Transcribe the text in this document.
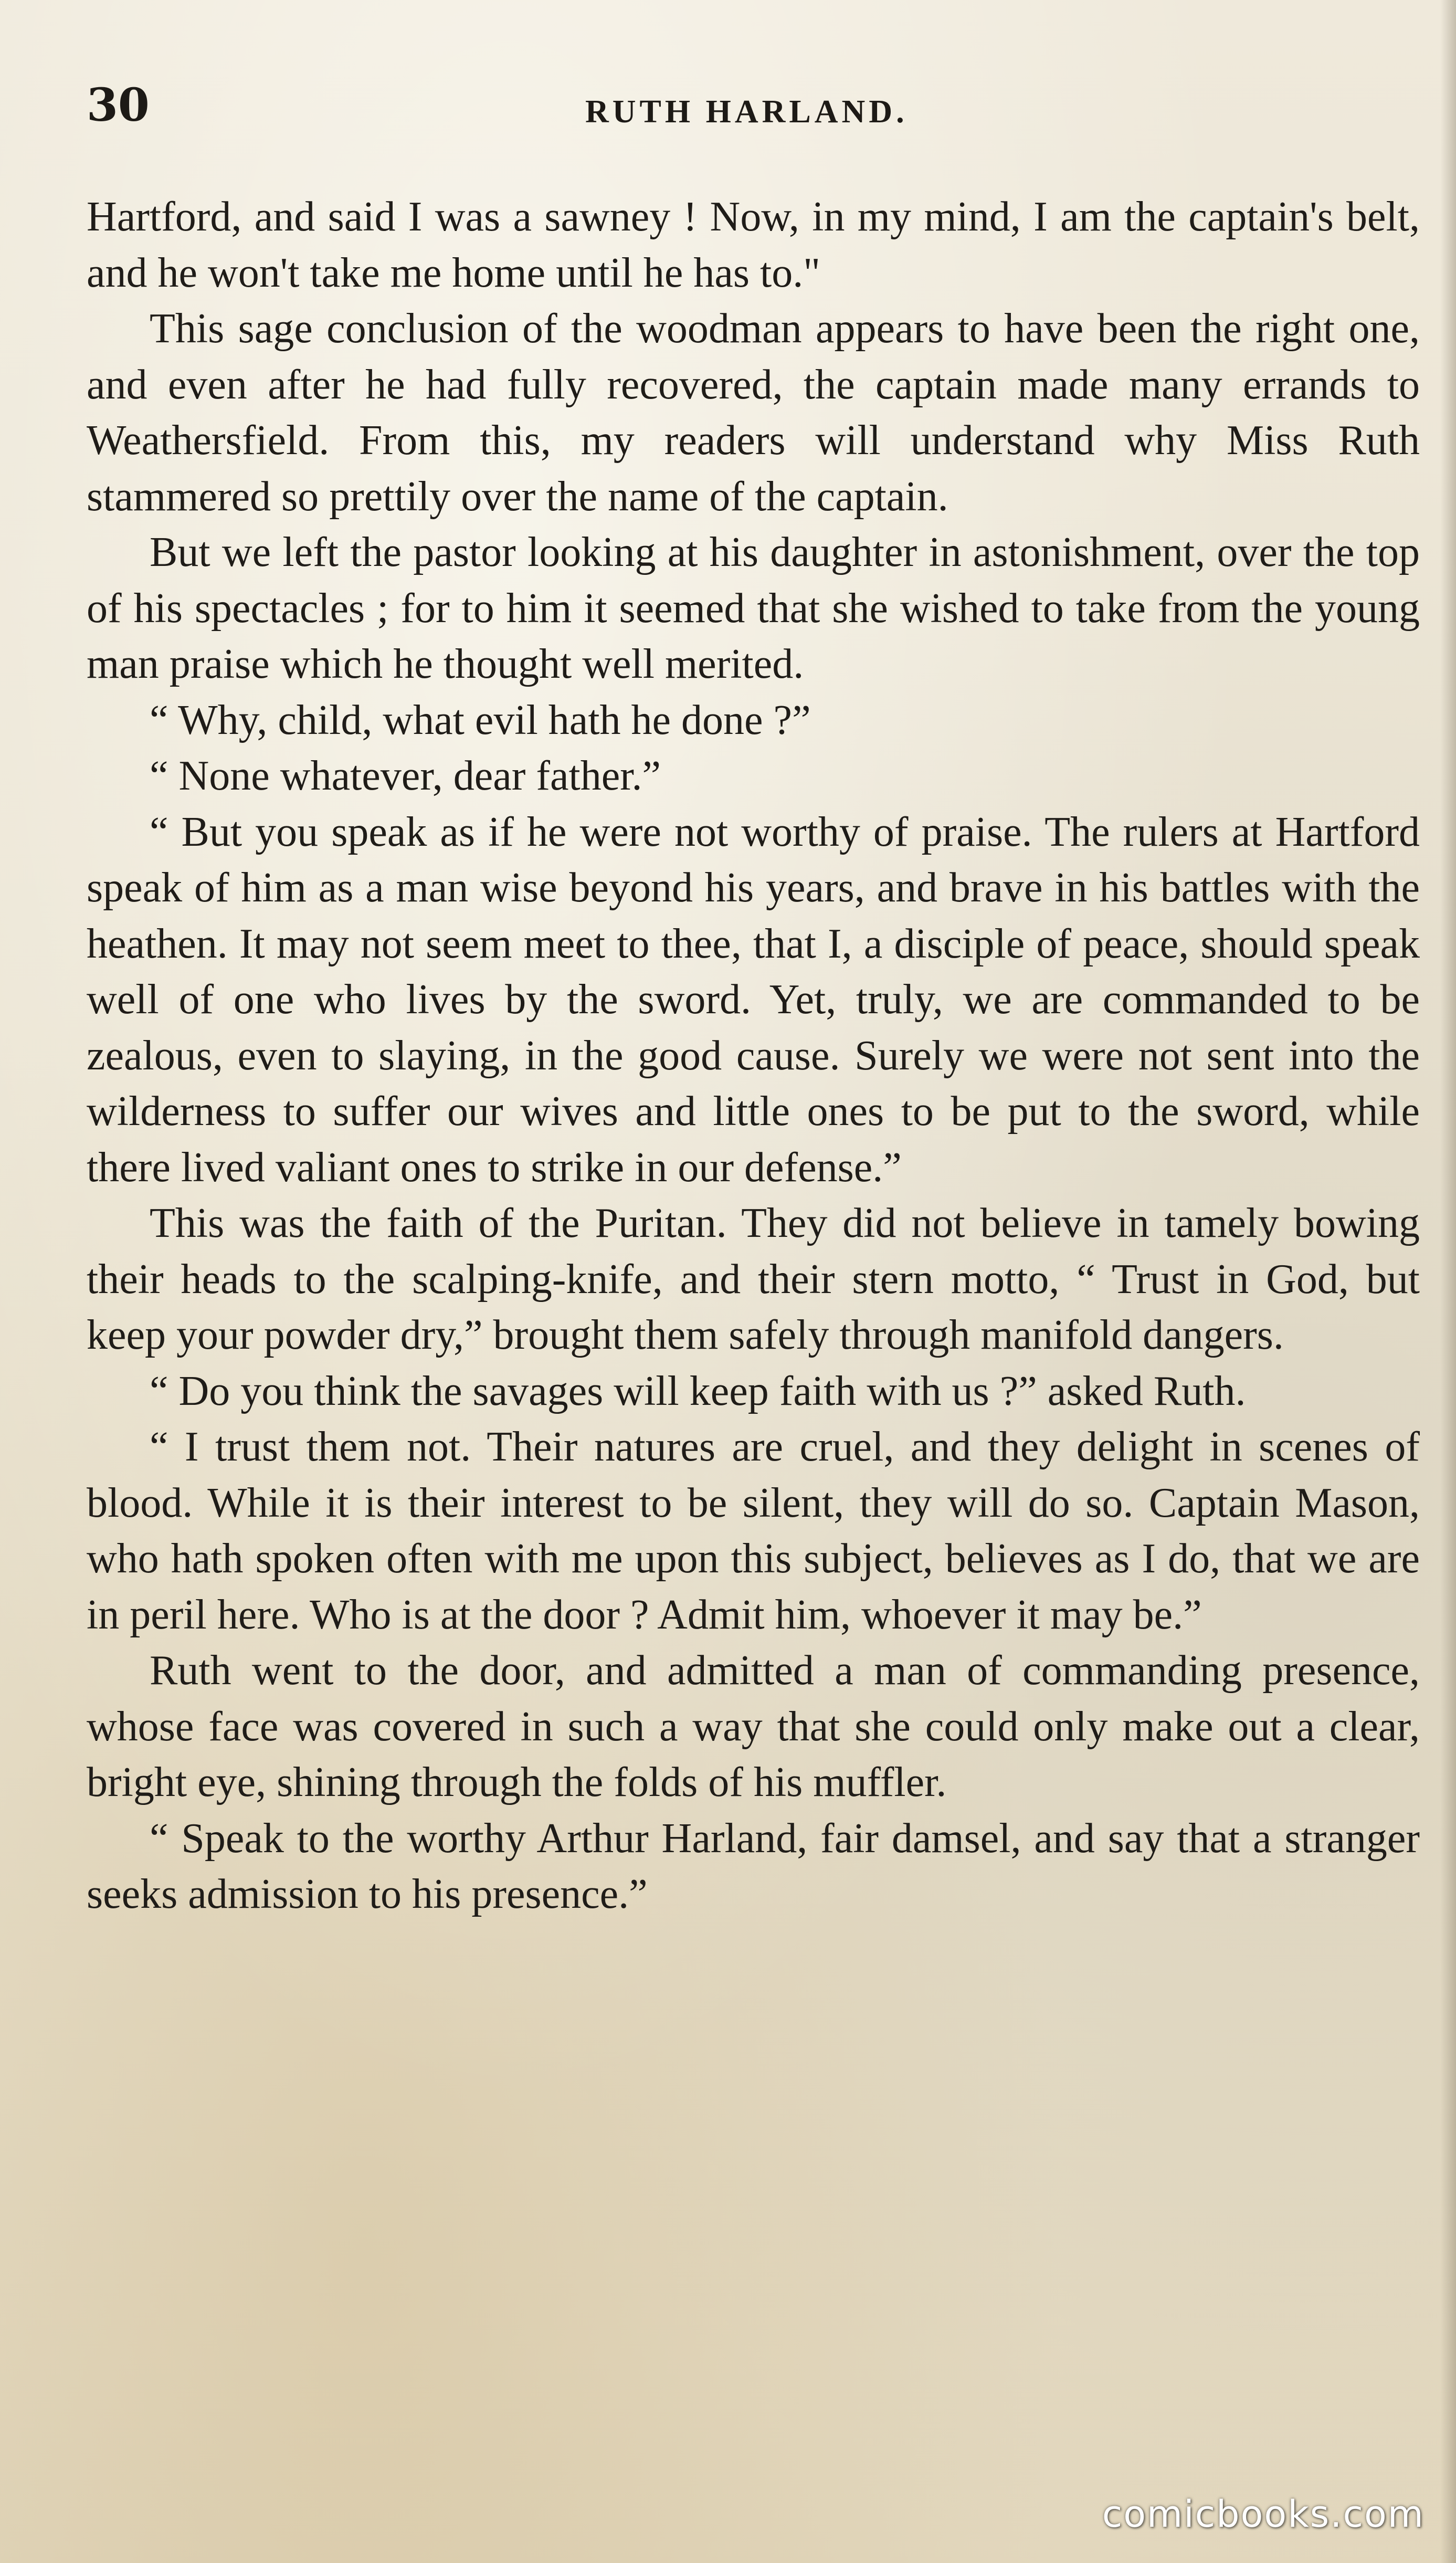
30	RUTH HARLAND.

Hartford, and said I was a sawney ! Now, in my mind, I am the captain's belt, and he won't take me home until he has to."

This sage conclusion of the woodman appears to have been the right one, and even after he had fully recovered, the captain made many errands to Weathersfield. From this, my readers will understand why Miss Ruth stammered so prettily over the name of the captain.

But we left the pastor looking at his daughter in astonishment, over the top of his spectacles ; for to him it seemed that she wished to take from the young man praise which he thought well merited.

“ Why, child, what evil hath he done ?”

“ None whatever, dear father.”

“ But you speak as if he were not worthy of praise. The rulers at Hartford speak of him as a man wise beyond his years, and brave in his battles with the heathen. It may not seem meet to thee, that I, a disciple of peace, should speak well of one who lives by the sword. Yet, truly, we are commanded to be zealous, even to slaying, in the good cause. Surely we were not sent into the wilderness to suffer our wives and little ones to be put to the sword, while there lived valiant ones to strike in our defense.”

This was the faith of the Puritan. They did not believe in tamely bowing their heads to the scalping-knife, and their stern motto, “ Trust in God, but keep your powder dry,” brought them safely through manifold dangers.

“ Do you think the savages will keep faith with us ?” asked Ruth.

“ I trust them not. Their natures are cruel, and they delight in scenes of blood. While it is their interest to be silent, they will do so. Captain Mason, who hath spoken often with me upon this subject, believes as I do, that we are in peril here. Who is at the door ? Admit him, whoever it may be.”

Ruth went to the door, and admitted a man of commanding presence, whose face was covered in such a way that she could only make out a clear, bright eye, shining through the folds of his muffler.

“ Speak to the worthy Arthur Harland, fair damsel, and say that a stranger seeks admission to his presence.”

comicbooks.com
